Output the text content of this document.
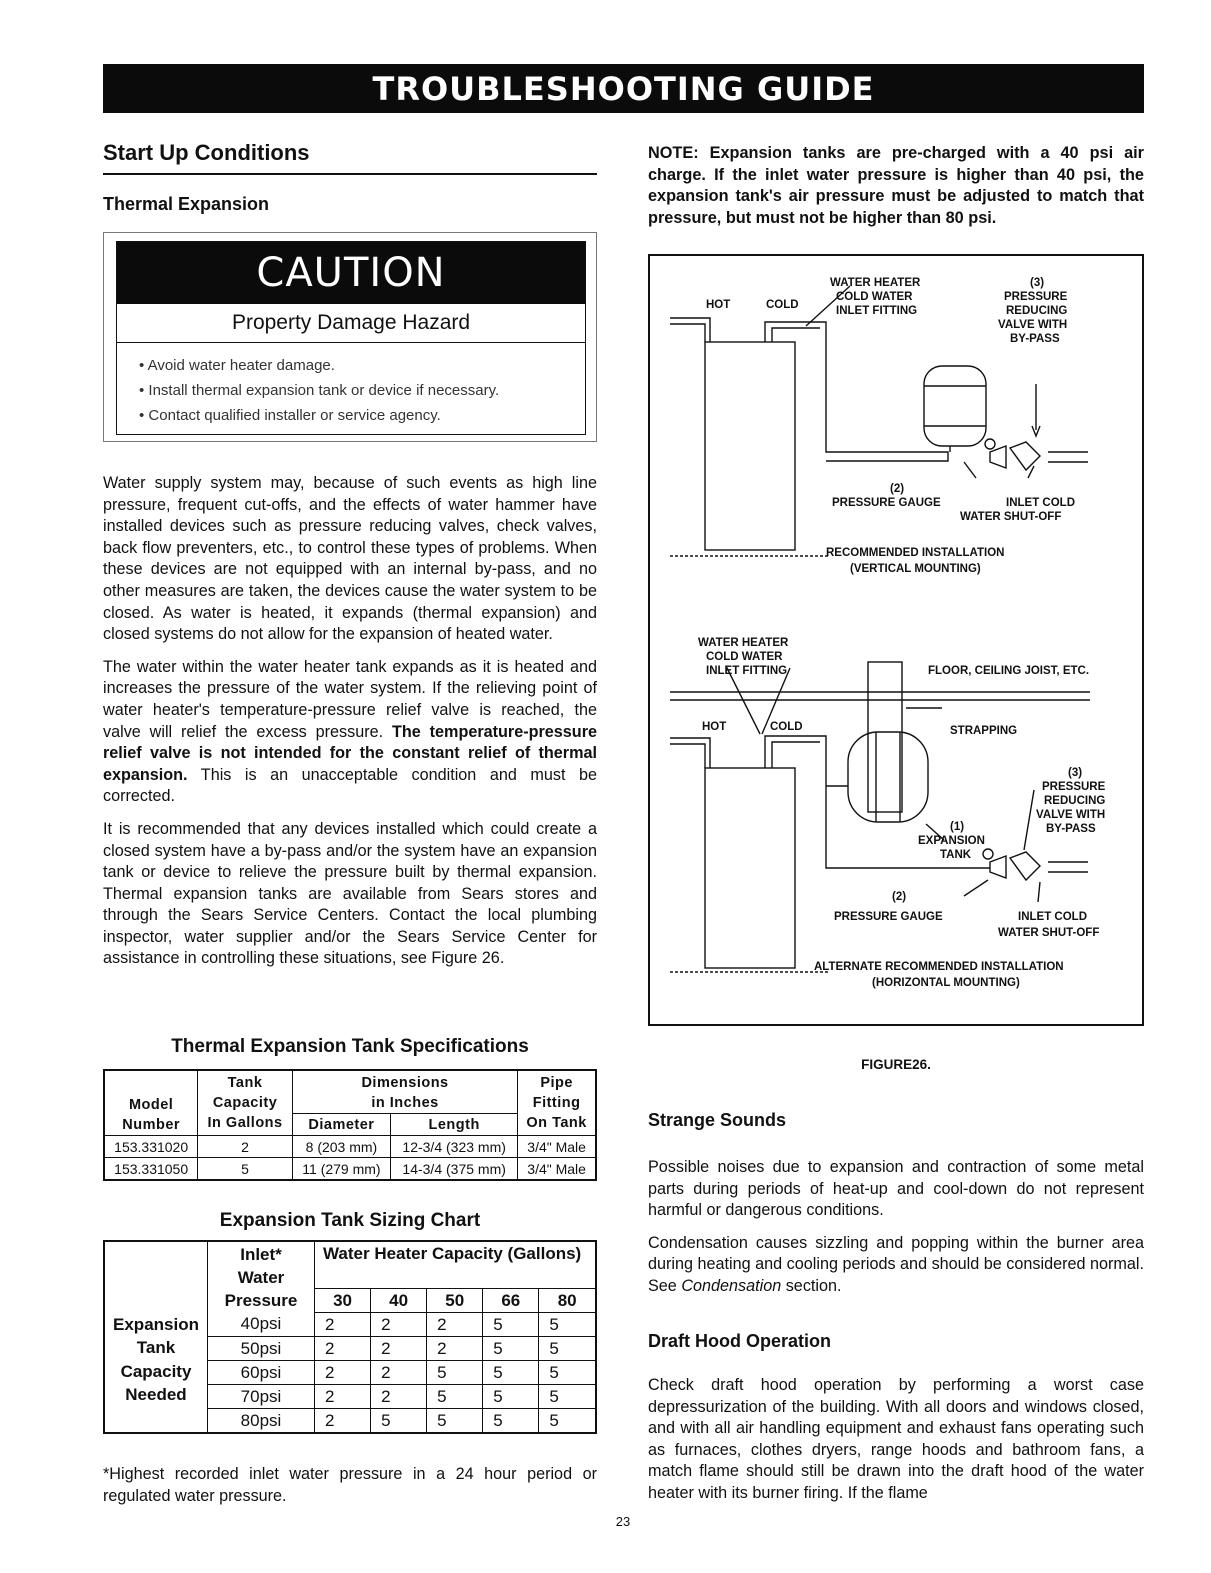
TROUBLESHOOTING GUIDE
Start Up Conditions
Thermal Expansion
CAUTION
Property Damage Hazard
• Avoid water heater damage.
• Install thermal expansion tank or device if necessary.
• Contact qualified installer or service agency.

Water supply system may, because of such events as high line pressure, frequent cut-offs, and the effects of water hammer have installed devices such as pressure reducing valves, check valves, back flow preventers, etc., to control these types of problems. When these devices are not equipped with an internal by-pass, and no other measures are taken, the devices cause the water system to be closed. As water is heated, it expands (thermal expansion) and closed systems do not allow for the expansion of heated water.

The water within the water heater tank expands as it is heated and increases the pressure of the water system. If the relieving point of water heater's temperature-pressure relief valve is reached, the valve will relief the excess pressure. The temperature-pressure relief valve is not intended for the constant relief of thermal expansion. This is an unacceptable condition and must be corrected.

It is recommended that any devices installed which could create a closed system have a by-pass and/or the system have an expansion tank or device to relieve the pressure built by thermal expansion. Thermal expansion tanks are available from Sears stores and through the Sears Service Centers. Contact the local plumbing inspector, water supplier and/or the Sears Service Center for assistance in controlling these situations, see Figure 26.

Thermal Expansion Tank Specifications
Model
Number	Tank
Capacity
In Gallons	Dimensions
in Inches		Pipe
Fitting
On Tank
		Diameter	Length	
153.331020	2	8 (203 mm)	12-3/4 (323 mm)	3/4" Male
153.331050	5	11 (279 mm)	14-3/4 (375 mm)	3/4" Male
Expansion Tank Sizing Chart
	Inlet*
Water
Pressure	Water Heater Capacity (Gallons)				

		30	40	50	66	80
Expansion
Tank
Capacity
Needed	40psi	2	2	2	5	5
	50psi	2	2	2	5	5
	60psi	2	2	5	5	5
	70psi	2	2	5	5	5
	80psi	2	5	5	5	5
*Highest recorded inlet water pressure in a 24 hour period or regulated water pressure.
NOTE: Expansion tanks are pre-charged with a 40 psi air charge. If the inlet water pressure is higher than 40 psi, the expansion tank's air pressure must be adjusted to match that pressure, but must not be higher than 80 psi.
HOT	COLD
WATER HEATER
COLD WATER
INLET FITTING
(3)
PRESSURE
REDUCING
VALVE WITH
BY-PASS
(2)
PRESSURE GAUGE	INLET COLD
WATER SHUT-OFF
RECOMMENDED INSTALLATION
(VERTICAL MOUNTING)
WATER HEATER
COLD WATER
INLET FITTING	FLOOR, CEILING JOIST, ETC.
HOT	COLD	STRAPPING
(3)
PRESSURE
REDUCING
VALVE WITH
BY-PASS
(1)
EXPANSION
TANK
(2)
PRESSURE GAUGE	INLET COLD
WATER SHUT-OFF
ALTERNATE RECOMMENDED INSTALLATION
(HORIZONTAL MOUNTING)
FIGURE26.
Strange Sounds

Possible noises due to expansion and contraction of some metal parts during periods of heat-up and cool-down do not represent harmful or dangerous conditions.

Condensation causes sizzling and popping within the burner area during heating and cooling periods and should be considered normal. See Condensation section.

Draft Hood Operation

Check draft hood operation by performing a worst case depressurization of the building. With all doors and windows closed, and with all air handling equipment and exhaust fans operating such as furnaces, clothes dryers, range hoods and bathroom fans, a match flame should still be drawn into the draft hood of the water heater with its burner firing. If the flame

23
